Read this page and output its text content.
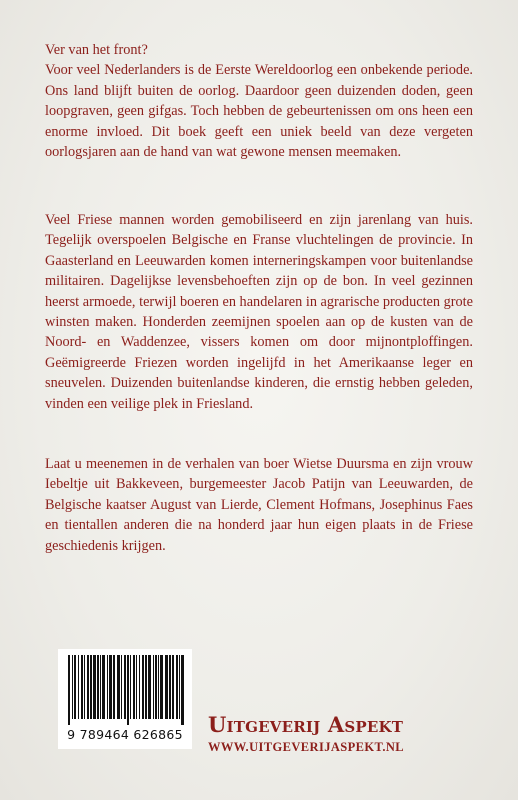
Ver van het front?

Voor veel Nederlanders is de Eerste Wereldoorlog een onbekende periode. Ons land blijft buiten de oorlog. Daardoor geen duizenden doden, geen loopgraven, geen gifgas. Toch hebben de gebeurtenissen om ons heen een enorme invloed. Dit boek geeft een uniek beeld van deze vergeten oorlogsjaren aan de hand van wat gewone mensen meemaken.

Veel Friese mannen worden gemobiliseerd en zijn jarenlang van huis. Tegelijk overspoelen Belgische en Franse vluchtelingen de provincie. In Gaasterland en Leeuwarden komen interneringskampen voor buitenlandse militairen. Dagelijkse levensbehoeften zijn op de bon. In veel gezinnen heerst armoede, terwijl boeren en handelaren in agrarische producten grote winsten maken. Honderden zeemijnen spoelen aan op de kusten van de Noord- en Waddenzee, vissers komen om door mijnontploffingen. Geëmigreerde Friezen worden ingelijfd in het Amerikaanse leger en sneuvelen. Duizenden buitenlandse kinderen, die ernstig hebben geleden, vinden een veilige plek in Friesland.

Laat u meenemen in de verhalen van boer Wietse Duursma en zijn vrouw Iebeltje uit Bakkeveen, burgemeester Jacob Patijn van Leeuwarden, de Belgische kaatser August van Lierde, Clement Hofmans, Josephinus Faes en tientallen anderen die na honderd jaar hun eigen plaats in de Friese geschiedenis krijgen.

9 789464 626865	Uitgeverij Aspekt
WWW.UITGEVERIJASPEKT.NL
